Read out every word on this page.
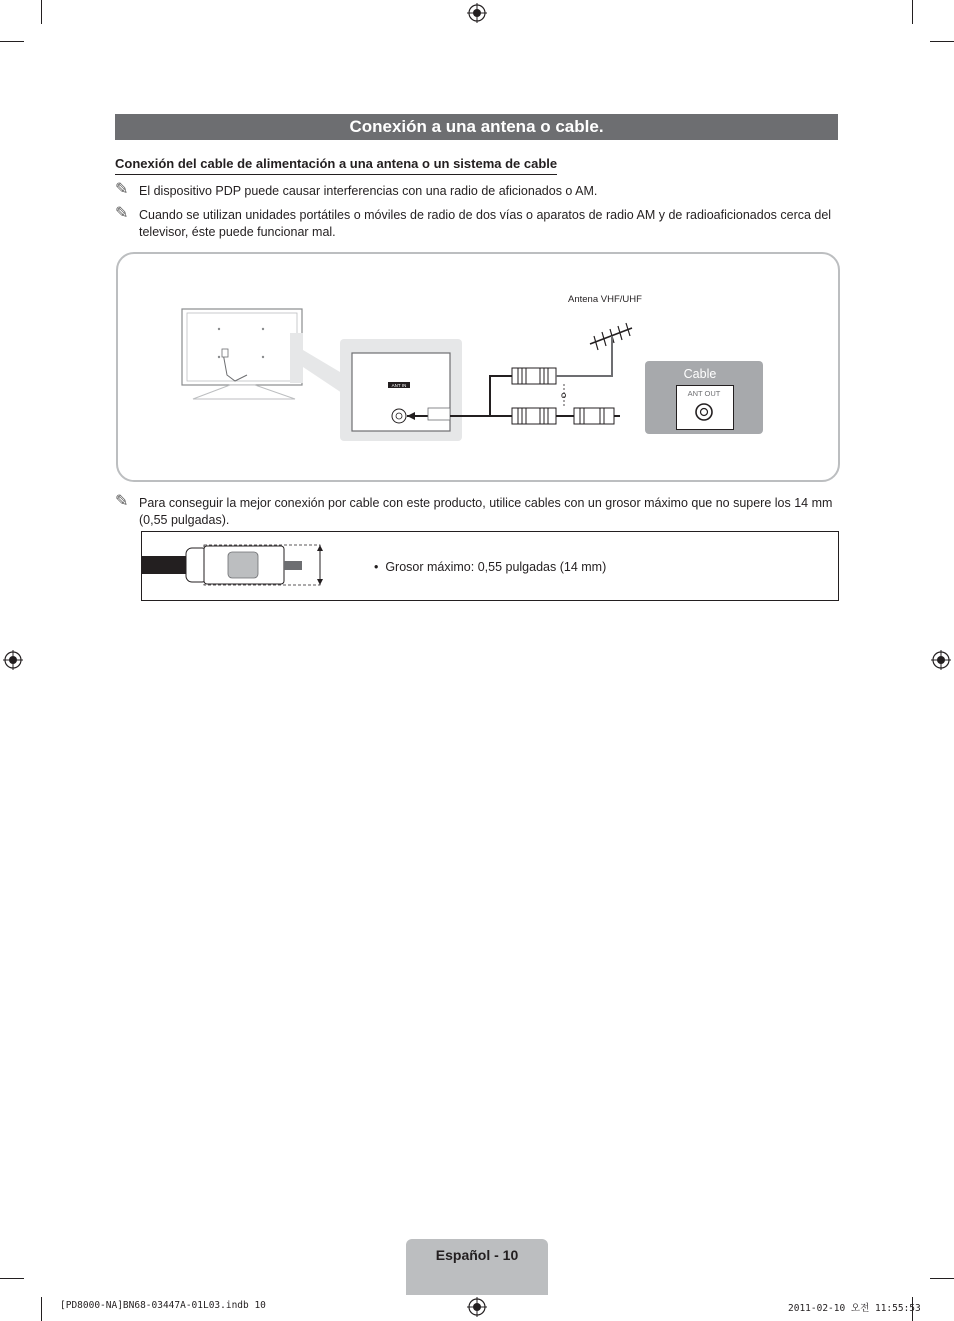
Conexión a una antena o cable.
Conexión del cable de alimentación a una antena o un sistema de cable
✎ El dispositivo PDP puede causar interferencias con una radio de aficionados o AM.
✎ Cuando se utilizan unidades portátiles o móviles de radio de dos vías o aparatos de radio AM y de radioaficionados cerca del televisor, éste puede funcionar mal.
ANT IN
o
Antena VHF/UHF
Cable
ANT OUT
✎ Para conseguir la mejor conexión por cable con este producto, utilice cables con un grosor máximo que no supere los 14 mm (0,55 pulgadas).
•  Grosor máximo: 0,55 pulgadas (14 mm)
Español - 10
[PD8000-NA]BN68-03447A-01L03.indb 10	2011-02-10 오전 11:55:53
